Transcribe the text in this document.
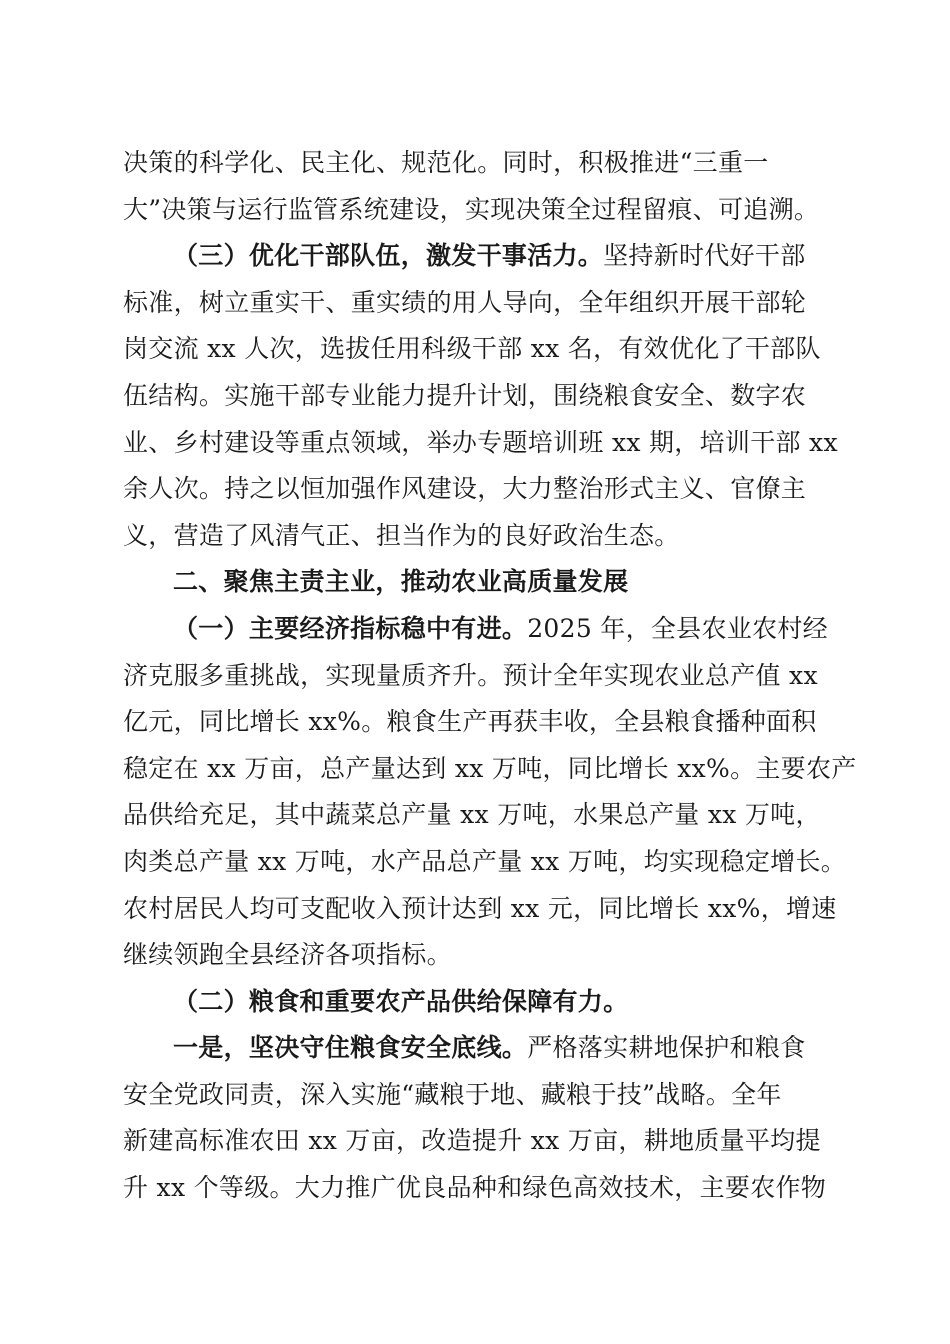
决策的科学化、民主化、规范化。同时，积极推进“三重一
大”决策与运行监管系统建设，实现决策全过程留痕、可追溯。
（三）优化干部队伍，激发干事活力。坚持新时代好干部
标准，树立重实干、重实绩的用人导向，全年组织开展干部轮
岗交流 xx 人次，选拔任用科级干部 xx 名，有效优化了干部队
伍结构。实施干部专业能力提升计划，围绕粮食安全、数字农
业、乡村建设等重点领域，举办专题培训班 xx 期，培训干部 xx
余人次。持之以恒加强作风建设，大力整治形式主义、官僚主
义，营造了风清气正、担当作为的良好政治生态。
二、聚焦主责主业，推动农业高质量发展
（一）主要经济指标稳中有进。2025 年，全县农业农村经
济克服多重挑战，实现量质齐升。预计全年实现农业总产值 xx
亿元，同比增长 xx%。粮食生产再获丰收，全县粮食播种面积
稳定在 xx 万亩，总产量达到 xx 万吨，同比增长 xx%。主要农产
品供给充足，其中蔬菜总产量 xx 万吨，水果总产量 xx 万吨，
肉类总产量 xx 万吨，水产品总产量 xx 万吨，均实现稳定增长。
农村居民人均可支配收入预计达到 xx 元，同比增长 xx%，增速
继续领跑全县经济各项指标。
（二）粮食和重要农产品供给保障有力。
一是，坚决守住粮食安全底线。严格落实耕地保护和粮食
安全党政同责，深入实施“藏粮于地、藏粮于技”战略。全年
新建高标准农田 xx 万亩，改造提升 xx 万亩，耕地质量平均提
升 xx 个等级。大力推广优良品种和绿色高效技术，主要农作物
